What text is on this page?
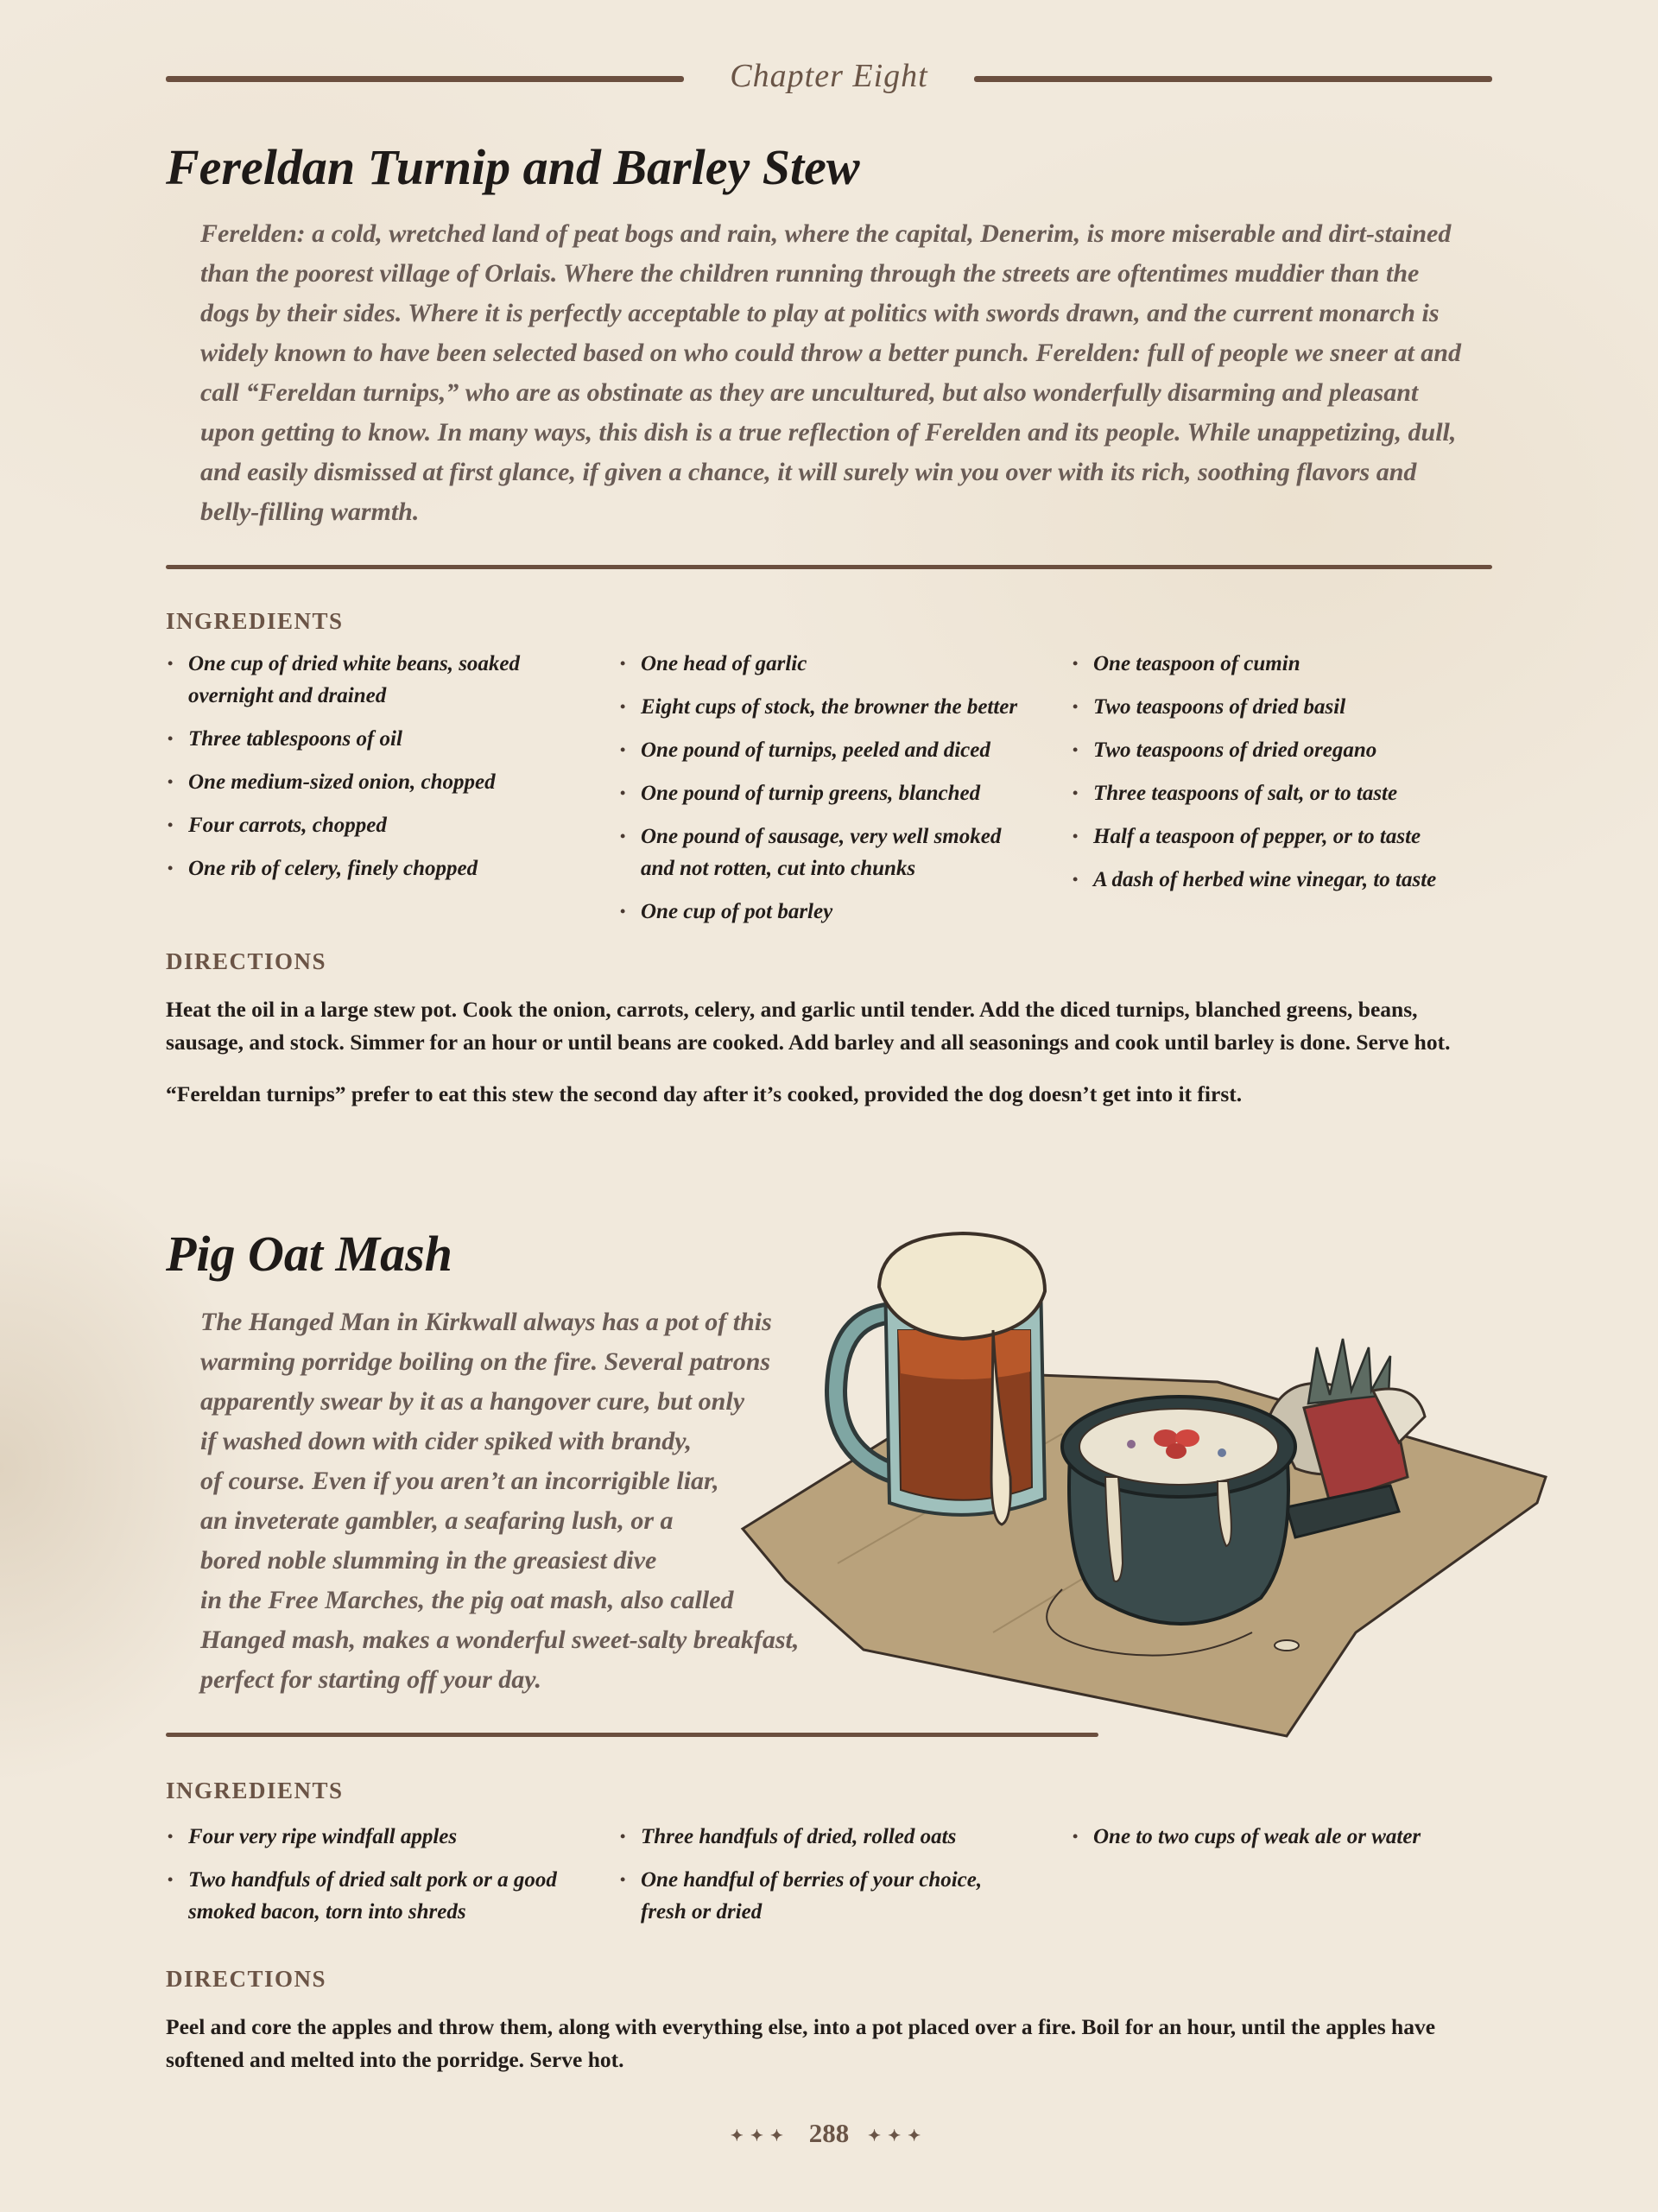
Chapter Eight
Fereldan Turnip and Barley Stew
Ferelden: a cold, wretched land of peat bogs and rain, where the capital, Denerim, is more miserable and dirt-stained
than the poorest village of Orlais. Where the children running through the streets are oftentimes muddier than the
dogs by their sides. Where it is perfectly acceptable to play at politics with swords drawn, and the current monarch is
widely known to have been selected based on who could throw a better punch. Ferelden: full of people we sneer at and
call “Fereldan turnips,” who are as obstinate as they are uncultured, but also wonderfully disarming and pleasant
upon getting to know. In many ways, this dish is a true reflection of Ferelden and its people. While unappetizing, dull,
and easily dismissed at first glance, if given a chance, it will surely win you over with its rich, soothing flavors and
belly-filling warmth.
INGREDIENTS
• One cup of dried white beans, soaked overnight and drained
• Three tablespoons of oil
• One medium-sized onion, chopped
• Four carrots, chopped
• One rib of celery, finely chopped
• One head of garlic
• Eight cups of stock, the browner the better
• One pound of turnips, peeled and diced
• One pound of turnip greens, blanched
• One pound of sausage, very well smoked and not rotten, cut into chunks
• One cup of pot barley
• One teaspoon of cumin
• Two teaspoons of dried basil
• Two teaspoons of dried oregano
• Three teaspoons of salt, or to taste
• Half a teaspoon of pepper, or to taste
• A dash of herbed wine vinegar, to taste
DIRECTIONS

Heat the oil in a large stew pot. Cook the onion, carrots, celery, and garlic until tender. Add the diced turnips, blanched greens, beans, sausage, and stock. Simmer for an hour or until beans are cooked. Add barley and all seasonings and cook until barley is done. Serve hot.

“Fereldan turnips” prefer to eat this stew the second day after it’s cooked, provided the dog doesn’t get into it first.

Pig Oat Mash
The Hanged Man in Kirkwall always has a pot of this
warming porridge boiling on the fire. Several patrons
apparently swear by it as a hangover cure, but only
if washed down with cider spiked with brandy,
of course. Even if you aren’t an incorrigible liar,
an inveterate gambler, a seafaring lush, or a
bored noble slumming in the greasiest dive
in the Free Marches, the pig oat mash, also called
Hanged mash, makes a wonderful sweet-salty breakfast,
perfect for starting off your day.
INGREDIENTS
• Four very ripe windfall apples
• Two handfuls of dried salt pork or a good smoked bacon, torn into shreds
• Three handfuls of dried, rolled oats
• One handful of berries of your choice, fresh or dried
• One to two cups of weak ale or water
DIRECTIONS

Peel and core the apples and throw them, along with everything else, into a pot placed over a fire. Boil for an hour, until the apples have softened and melted into the porridge. Serve hot.

✦✦✦ 288 ✦✦✦
